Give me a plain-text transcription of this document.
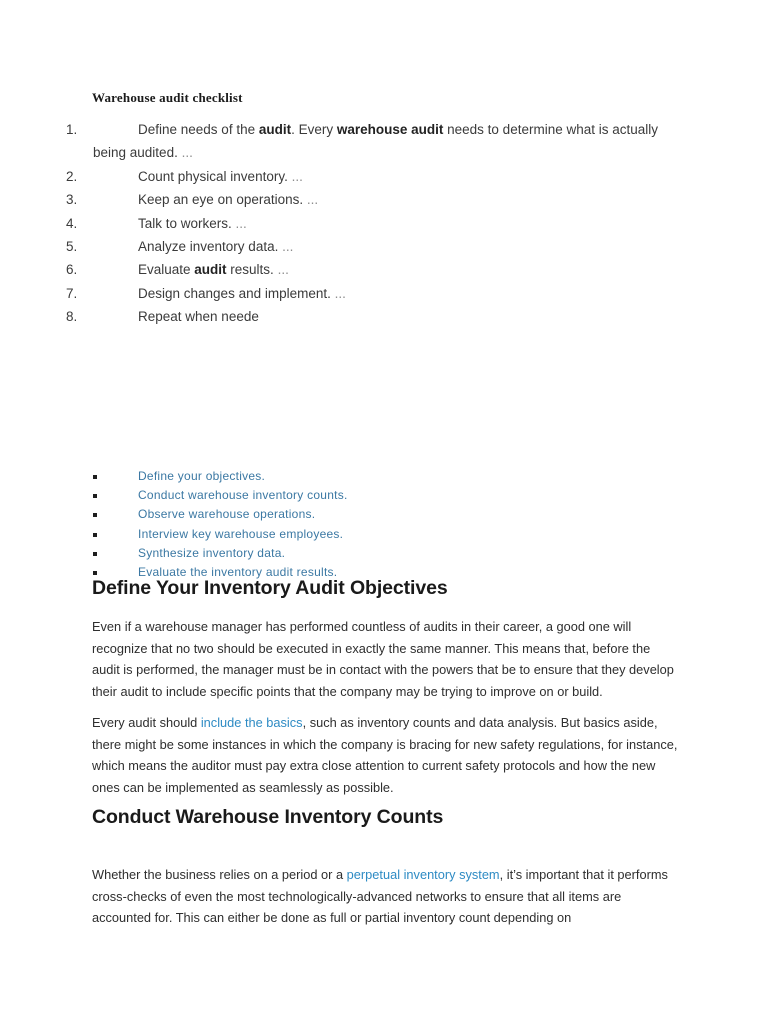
Warehouse audit checklist
1.	Define needs of the audit. Every warehouse audit needs to determine what is actually being audited. ...
2.	Count physical inventory. ...
3.	Keep an eye on operations. ...
4.	Talk to workers. ...
5.	Analyze inventory data. ...
6.	Evaluate audit results. ...
7.	Design changes and implement. ...
8.	Repeat when neede
Define your objectives.
Conduct warehouse inventory counts.
Observe warehouse operations.
Interview key warehouse employees.
Synthesize inventory data.
Evaluate the inventory audit results.
Define Your Inventory Audit Objectives
Even if a warehouse manager has performed countless of audits in their career, a good one will recognize that no two should be executed in exactly the same manner. This means that, before the audit is performed, the manager must be in contact with the powers that be to ensure that they develop their audit to include specific points that the company may be trying to improve on or build.
Every audit should include the basics, such as inventory counts and data analysis. But basics aside, there might be some instances in which the company is bracing for new safety regulations, for instance, which means the auditor must pay extra close attention to current safety protocols and how the new ones can be implemented as seamlessly as possible.
Conduct Warehouse Inventory Counts
Whether the business relies on a period or a perpetual inventory system, it’s important that it performs cross-checks of even the most technologically-advanced networks to ensure that all items are accounted for. This can either be done as full or partial inventory count depending on
